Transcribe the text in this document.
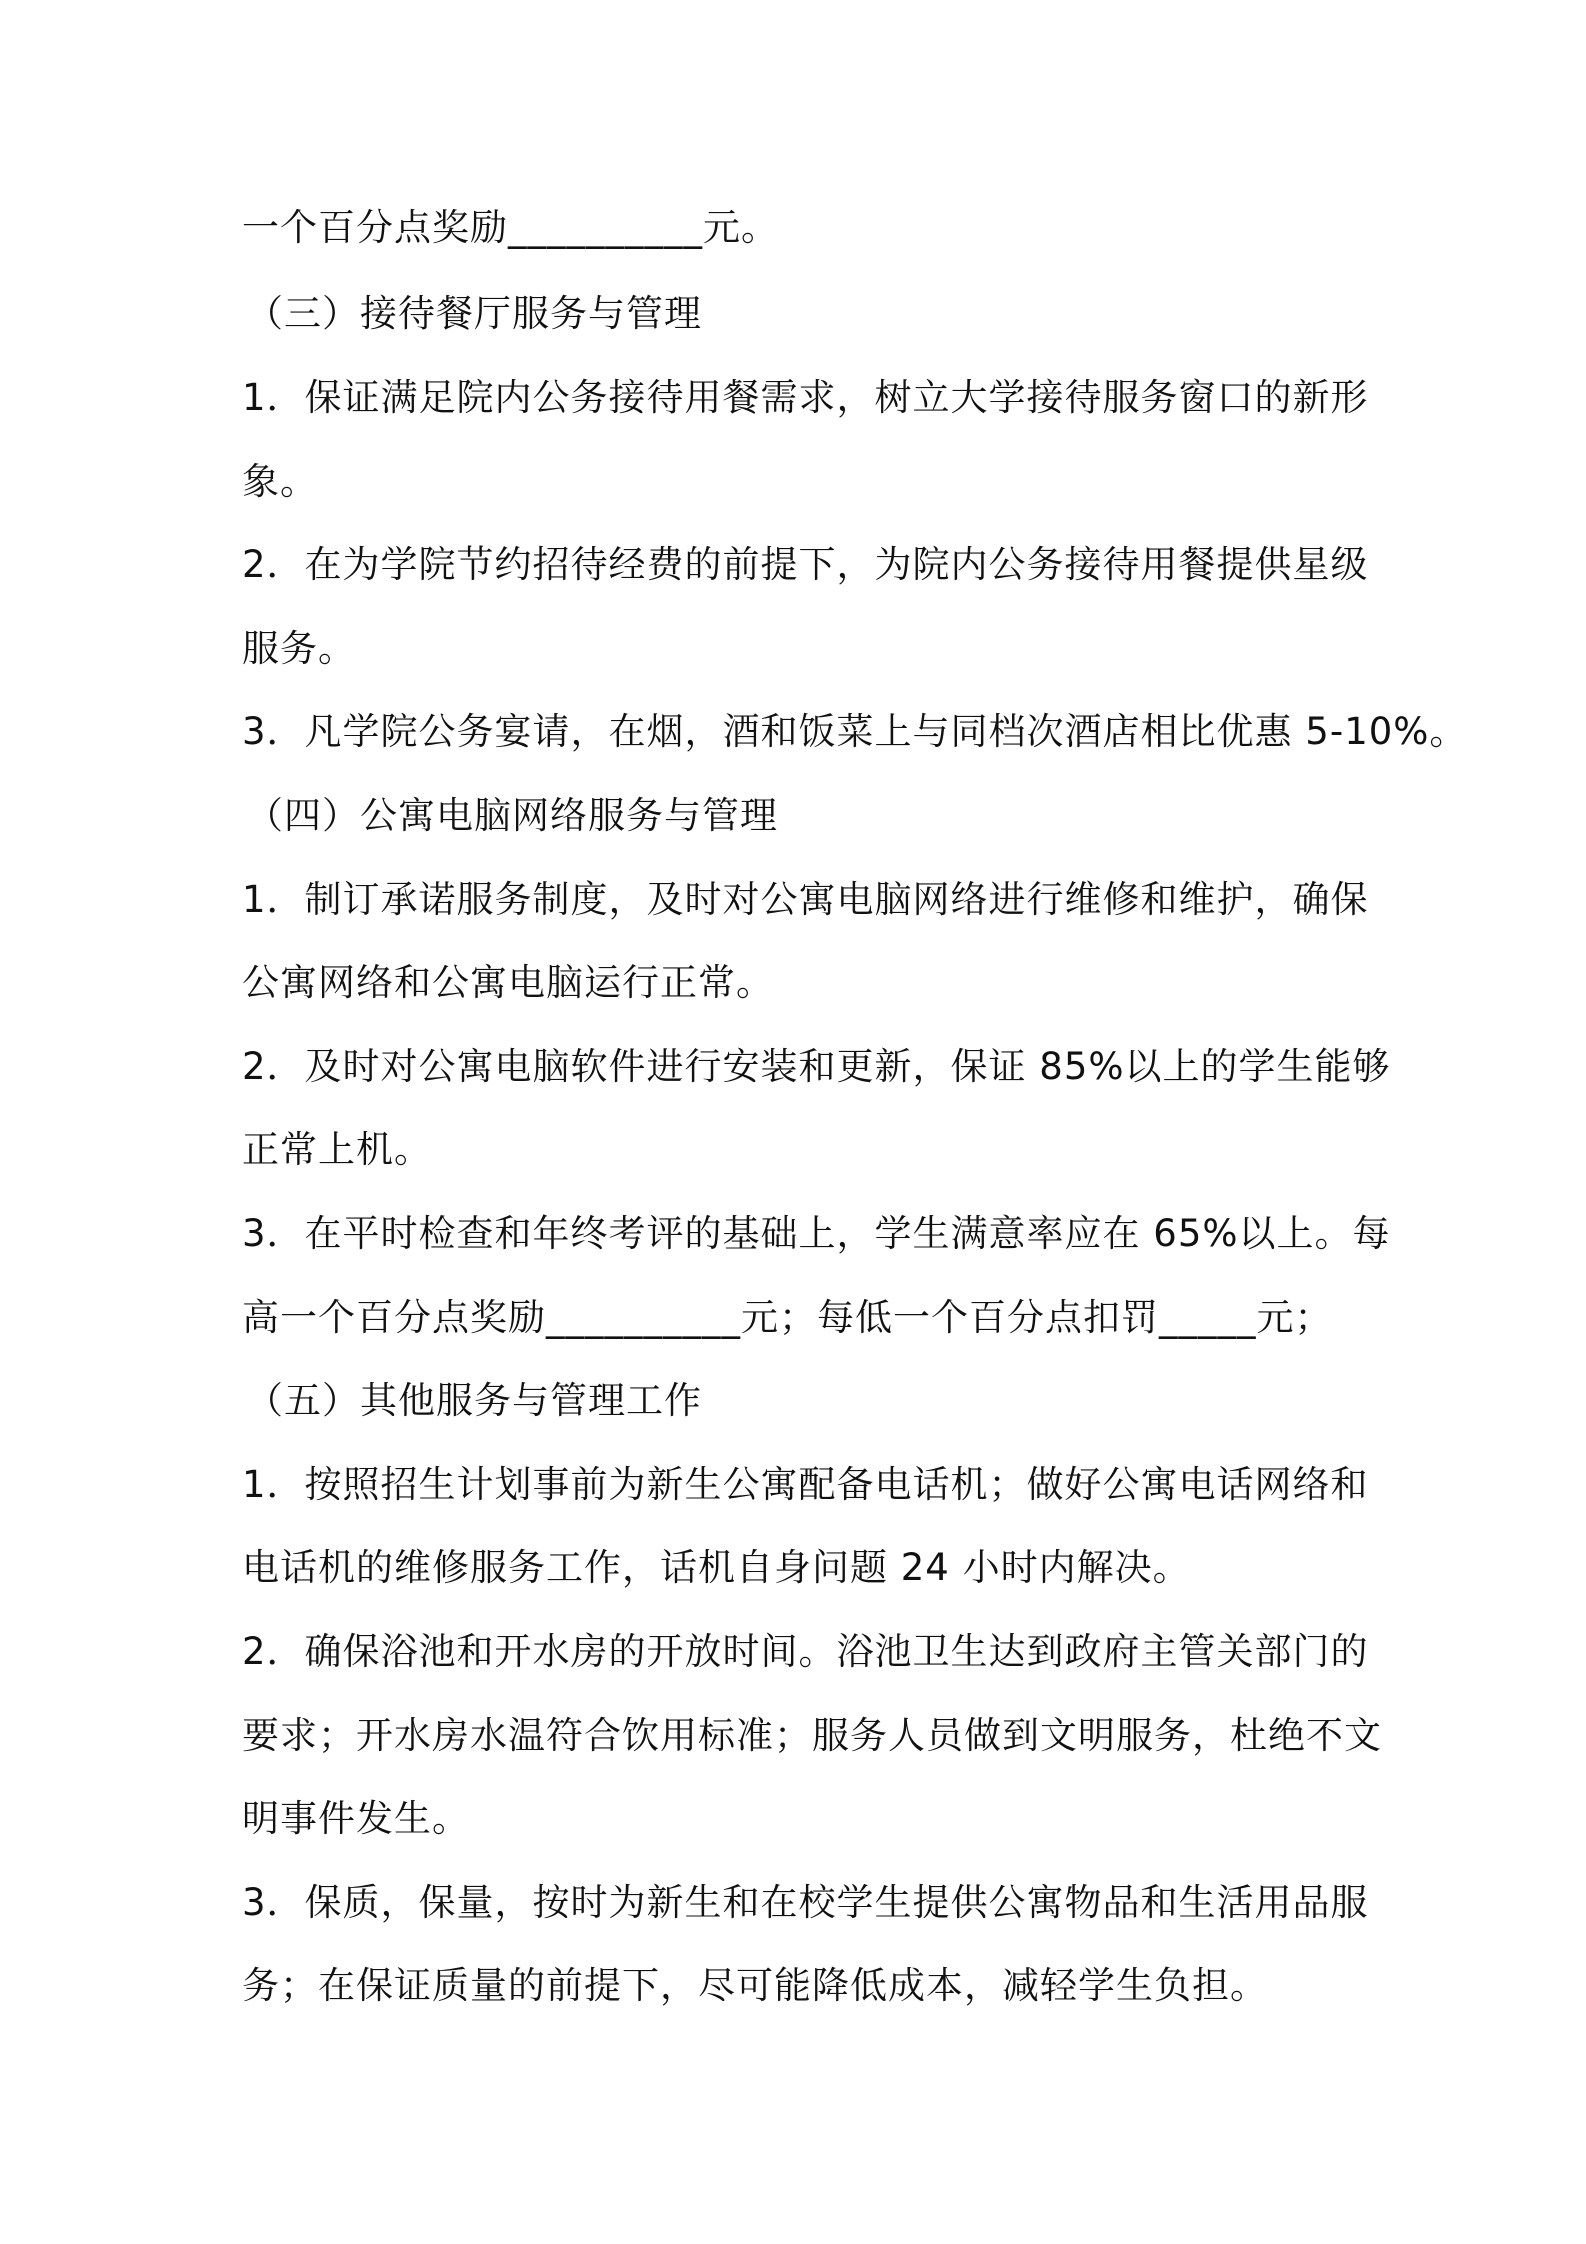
一个百分点奖励__________元。
（三）接待餐厅服务与管理
1．保证满足院内公务接待用餐需求，树立大学接待服务窗口的新形
象。
2．在为学院节约招待经费的前提下，为院内公务接待用餐提供星级
服务。
3．凡学院公务宴请，在烟，酒和饭菜上与同档次酒店相比优惠 5-10%。
（四）公寓电脑网络服务与管理
1．制订承诺服务制度，及时对公寓电脑网络进行维修和维护，确保
公寓网络和公寓电脑运行正常。
2．及时对公寓电脑软件进行安装和更新，保证 85%以上的学生能够
正常上机。
3．在平时检查和年终考评的基础上，学生满意率应在 65%以上。每
高一个百分点奖励__________元；每低一个百分点扣罚_____元；
（五）其他服务与管理工作
1．按照招生计划事前为新生公寓配备电话机；做好公寓电话网络和
电话机的维修服务工作，话机自身问题 24 小时内解决。
2．确保浴池和开水房的开放时间。浴池卫生达到政府主管关部门的
要求；开水房水温符合饮用标准；服务人员做到文明服务，杜绝不文
明事件发生。
3．保质，保量，按时为新生和在校学生提供公寓物品和生活用品服
务；在保证质量的前提下，尽可能降低成本，减轻学生负担。
